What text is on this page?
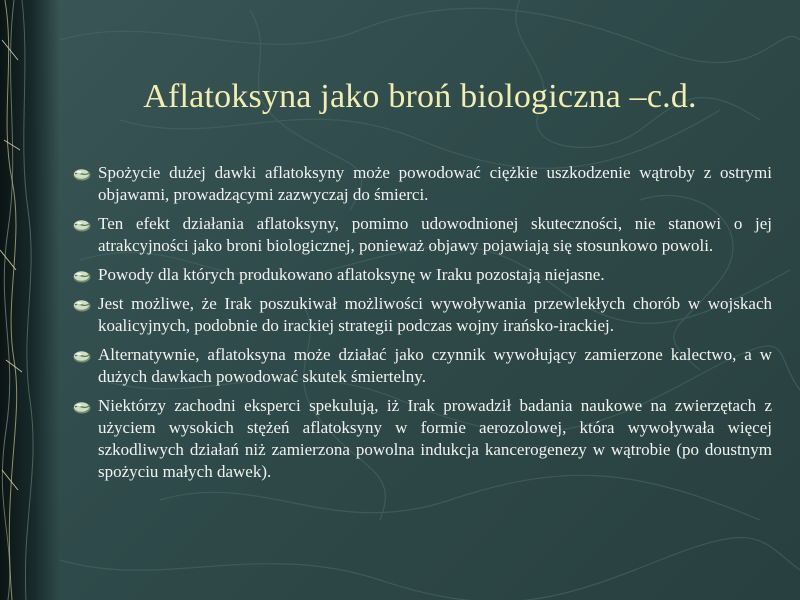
Aflatoksyna jako broń biologiczna –c.d.
Spożycie dużej dawki aflatoksyny może powodować ciężkie uszkodzenie wątroby z ostrymi objawami, prowadzącymi zazwyczaj do śmierci.
Ten efekt działania aflatoksyny, pomimo udowodnionej skuteczności, nie stanowi o jej atrakcyjności jako broni biologicznej, ponieważ objawy pojawiają się stosunkowo powoli.
Powody dla których produkowano aflatoksynę w Iraku pozostają niejasne.
Jest możliwe, że Irak poszukiwał możliwości wywoływania przewlekłych chorób w wojskach koalicyjnych, podobnie do irackiej strategii podczas wojny irańsko-irackiej.
Alternatywnie, aflatoksyna może działać jako czynnik wywołujący zamierzone kalectwo, a w dużych dawkach powodować skutek śmiertelny.
Niektórzy zachodni eksperci spekulują, iż Irak prowadził badania naukowe na zwierzętach z użyciem wysokich stężeń aflatoksyny w formie aerozolowej, która wywoływała więcej szkodliwych działań niż zamierzona powolna indukcja kancerogenezy w wątrobie (po doustnym spożyciu małych dawek).
